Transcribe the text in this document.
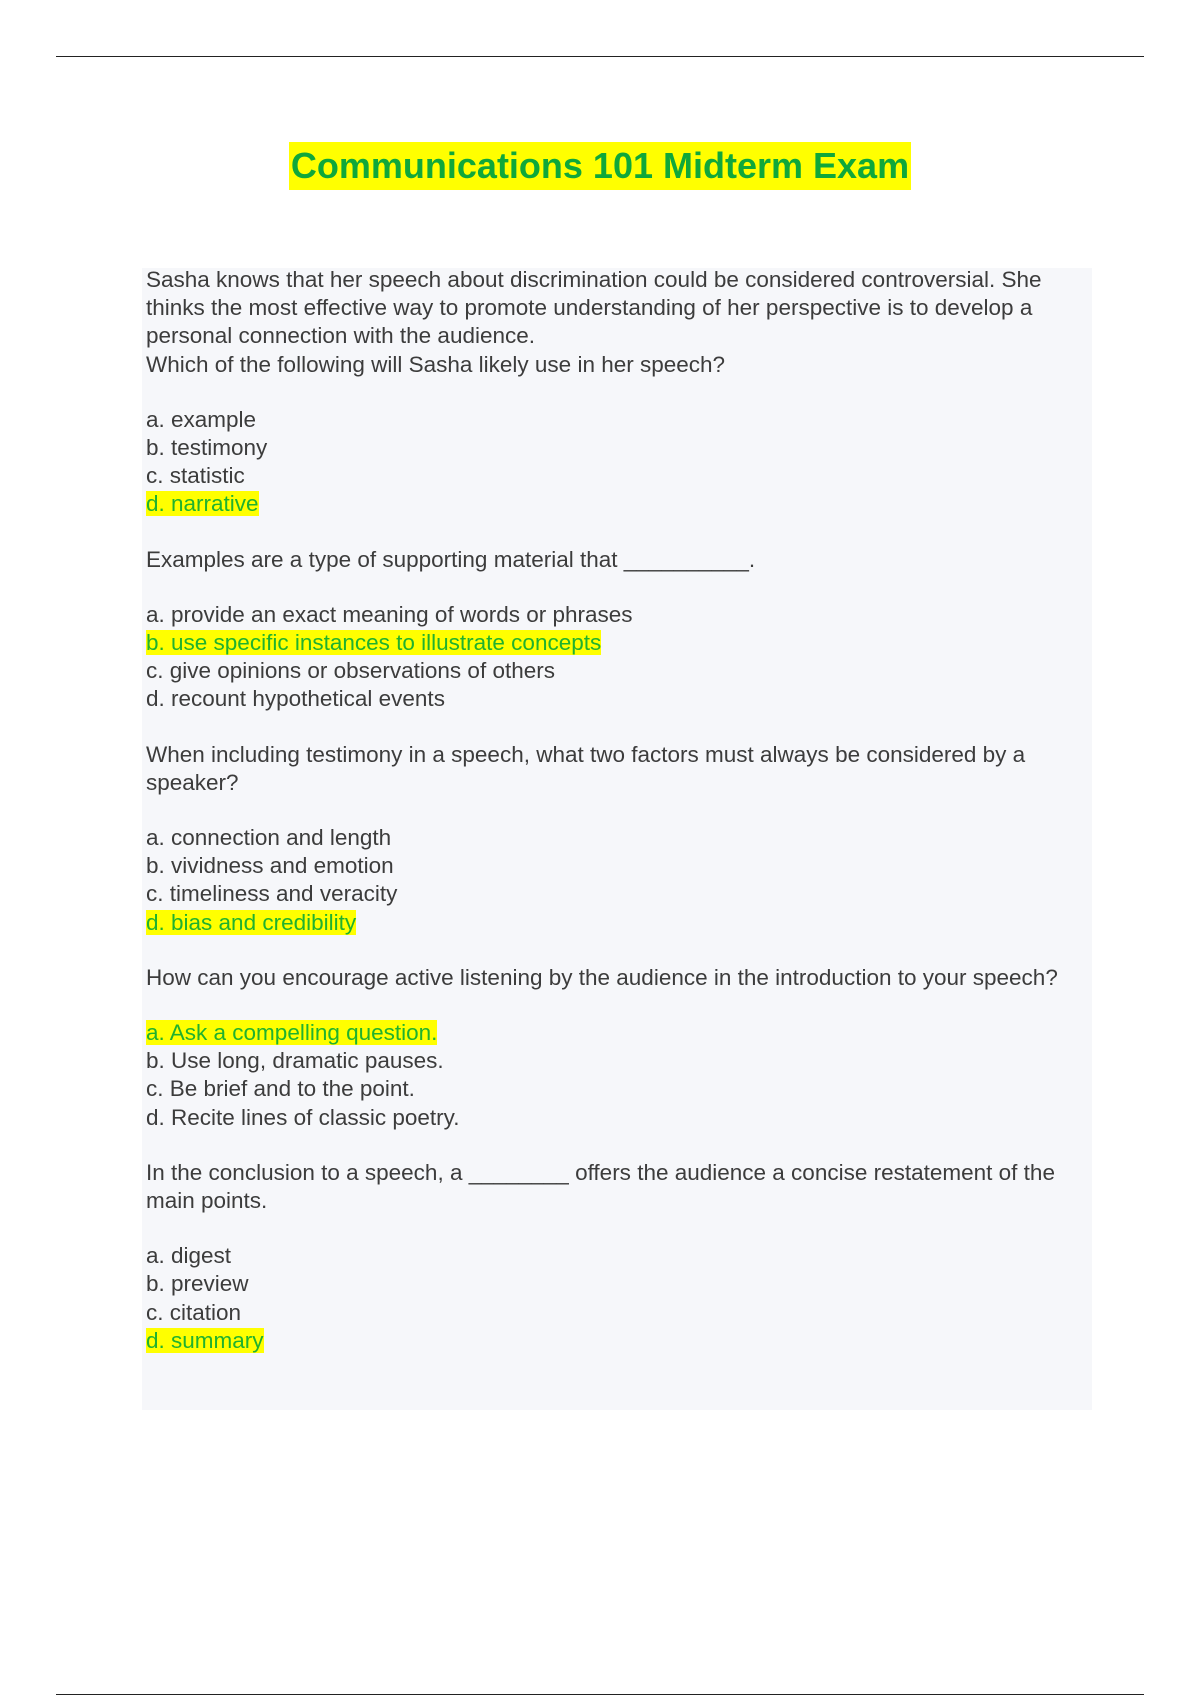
Communications 101 Midterm Exam

Sasha knows that her speech about discrimination could be considered controversial. She thinks the most effective way to promote understanding of her perspective is to develop a personal connection with the audience.
Which of the following will Sasha likely use in her speech?

a. example
b. testimony
c. statistic
d. narrative

Examples are a type of supporting material that __________.

a. provide an exact meaning of words or phrases
b. use specific instances to illustrate concepts
c. give opinions or observations of others
d. recount hypothetical events

When including testimony in a speech, what two factors must always be considered by a speaker?

a. connection and length
b. vividness and emotion
c. timeliness and veracity
d. bias and credibility

How can you encourage active listening by the audience in the introduction to your speech?

a. Ask a compelling question.
b. Use long, dramatic pauses.
c. Be brief and to the point.
d. Recite lines of classic poetry.

In the conclusion to a speech, a ________ offers the audience a concise restatement of the main points.

a. digest
b. preview
c. citation
d. summary
